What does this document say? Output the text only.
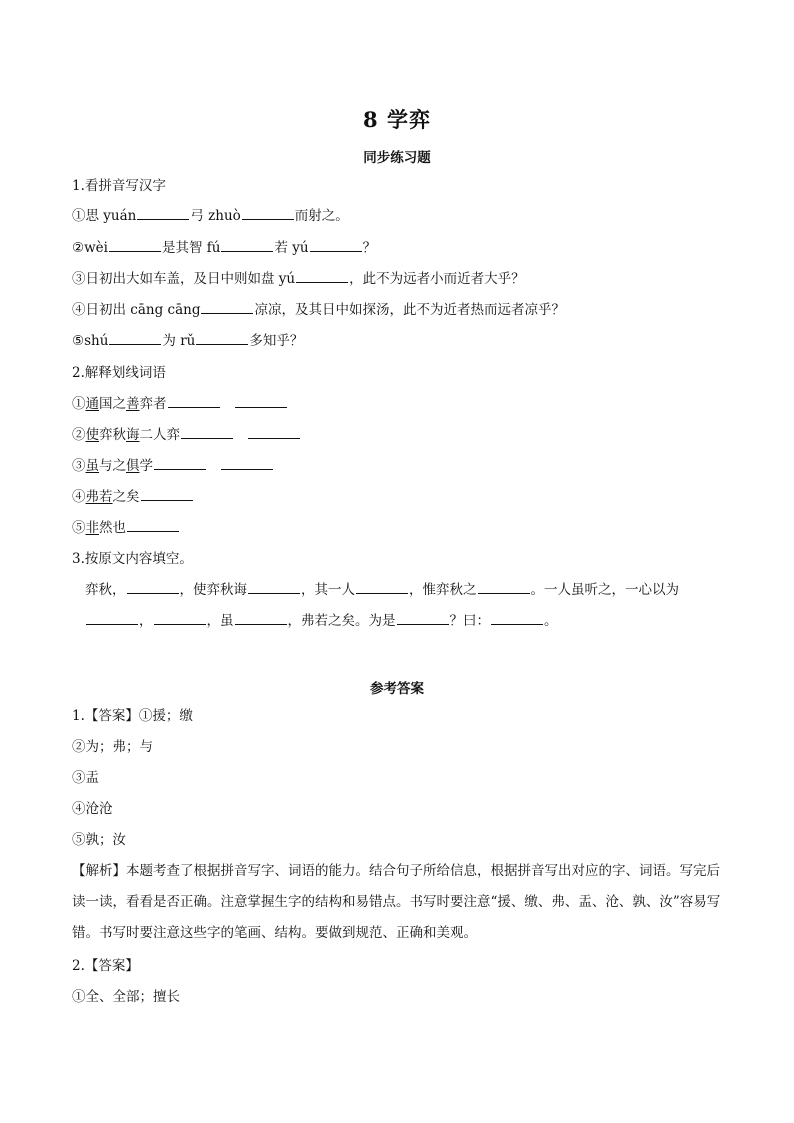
8 学弈
同步练习题
1.看拼音写汉字
①思 yuán	弓 zhuò	而射之。
②wèi	是其智 fú	若 yú	？
③日初出大如车盖，及日中则如盘 yú	，此不为远者小而近者大乎？
④日初出 cāng cāng	凉凉，及其日中如探汤，此不为近者热而远者凉乎？
⑤shú	为 rǔ	多知乎？
2.解释划线词语
①通国之善弈者
②使弈秋诲二人弈
③虽与之俱学
④弗若之矣
⑤非然也
3.按原文内容填空。
弈秋，	，使弈秋诲	，其一人	，惟弈秋之	。一人虽听之，一心以为
，	，虽	，弗若之矣。为是	？曰：	。
参考答案
1.【答案】①援；缴
②为；弗；与
③盂
④沧沧
⑤孰；汝
【解析】本题考查了根据拼音写字、词语的能力。结合句子所给信息，根据拼音写出对应的字、词语。写完后读一读，看看是否正确。注意掌握生字的结构和易错点。书写时要注意“援、缴、弗、盂、沧、孰、汝”容易写错。书写时要注意这些字的笔画、结构。要做到规范、正确和美观。
2.【答案】
①全、全部；擅长
